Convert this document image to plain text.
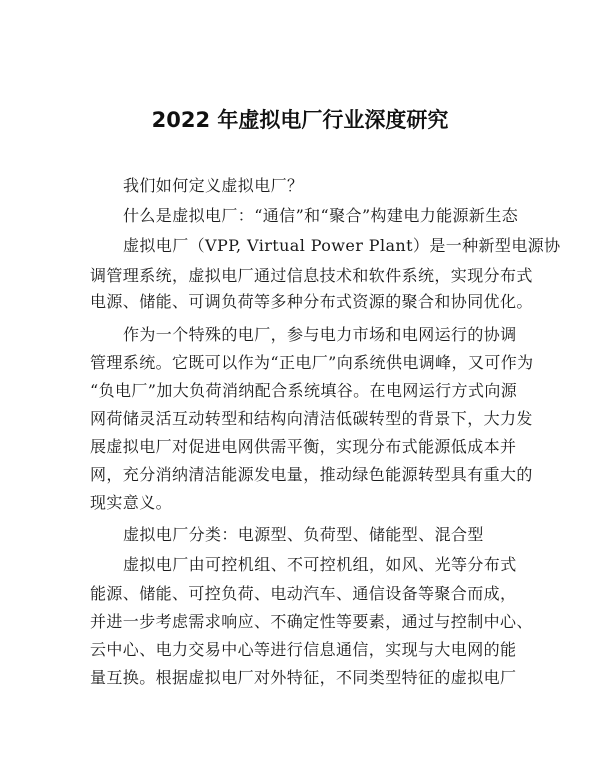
2022 年虚拟电厂行业深度研究
我们如何定义虚拟电厂？
什么是虚拟电厂：“通信”和“聚合”构建电力能源新生态
虚拟电厂（VPP, Virtual Power Plant）是一种新型电源协
调管理系统，虚拟电厂通过信息技术和软件系统，实现分布式
电源、储能、可调负荷等多种分布式资源的聚合和协同优化。
作为一个特殊的电厂，参与电力市场和电网运行的协调
管理系统。它既可以作为“正电厂”向系统供电调峰，又可作为
“负电厂”加大负荷消纳配合系统填谷。在电网运行方式向源
网荷储灵活互动转型和结构向清洁低碳转型的背景下，大力发
展虚拟电厂对促进电网供需平衡，实现分布式能源低成本并
网，充分消纳清洁能源发电量，推动绿色能源转型具有重大的
现实意义。
虚拟电厂分类：电源型、负荷型、储能型、混合型
虚拟电厂由可控机组、不可控机组，如风、光等分布式
能源、储能、可控负荷、电动汽车、通信设备等聚合而成，
并进一步考虑需求响应、不确定性等要素，通过与控制中心、
云中心、电力交易中心等进行信息通信，实现与大电网的能
量互换。根据虚拟电厂对外特征，不同类型特征的虚拟电厂
